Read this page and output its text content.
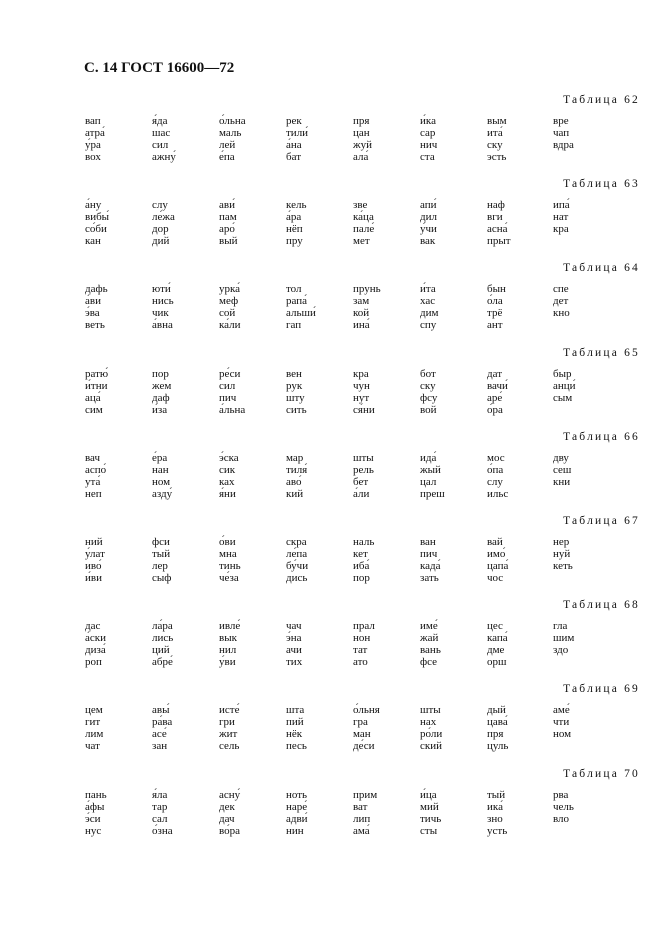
С. 14 ГОСТ 16600—72
Таблица 62
вап
атра́
у́ра
вох
я́да
шас
сил
ажну́
о́льна
маль
лей
е́па
рек
тили́
а́на
бат
пря
цан
жуй
ала́
и́ка
сар
нич
ста
вым
ита́
ску
эсть
вре
чап
вдра
Таблица 63
а́ну
вибы́
со́би
кан
слу
ле́жа
дор
дий
ави́
пам
аро́
вый
кель
а́ра
нёп
пру
зве
ка́ца
пале́
мет
апи́
дил
у́чи
вак
наф
вги
асна́
прыт
ипа́
нат
кра
Таблица 64
дафь
а́ви
э́ва
веть
юти́
нись
чик
а́вна
урка́
меф
сой
ка́ли
тол
рапа́
альши́
гап
прунь
зам
кой
ина́
и́та
хас
дим
спу
бын
о́ла
трё
ант
спе
дет
кно
Таблица 65
ратю́
и́тни
аца́
сим
пор
жем
даф
и́за
ре́си
сил
пич
а́льна
вен
рук
шту
сить
кра
чун
нут
ся́ни
бот
ску
фсу
вой
дат
вачи́
аре́
о́ра
быр
анци́
сым
Таблица 66
вач
аспо́
ута́
неп
е́ра
нан
ном
азду́
э́ска
сик
ках
я́ни
мар
тиля́
аво́
кий
шты
рель
бет
а́ли
ида́
жый
цал
преш
мос
о́па
слу
ильс
дву
сеш
кни
Таблица 67
ний
у́лат
иво́
и́ви
фси
тый
лер
сыф
о́ви
мна
тинь
че́за
скра
ле́па
бу́чи
дись
наль
кет
иба́
пор
ван
пич
када́
зать
вай
имо́
цапа́
чос
нер
нуй
кеть
Таблица 68
дас
а́ски
диза́
роп
ла́ра
лись
ций
абре́
ивле́
вык
нил
у́ви
чач
э́на
ачи
тих
прал
нон
тат
ато
име́
жай
вань
фсе
цес
капа́
дме
орш
гла
шим
здо
Таблица 69
цем
гит
лим
чат
авы́
ра́ва
асе́
зан
исте́
гри
жит
сель
шта
пий
нёк
песь
о́льня
гра
ман
де́си
шты
нах
ро́ли
ский
дый
цава́
пря
цуль
аме́
чти
ном
Таблица 70
пань
а́фы
э́си
нус
я́ла
тар
сал
о́зна
асну́
дек
дач
во́ра
ноть
наре́
адви́
нин
прим
ват
лип
ама́
и́ца
мий
тичь
сты
тый
ика́
зно
усть
рва
чель
вло
